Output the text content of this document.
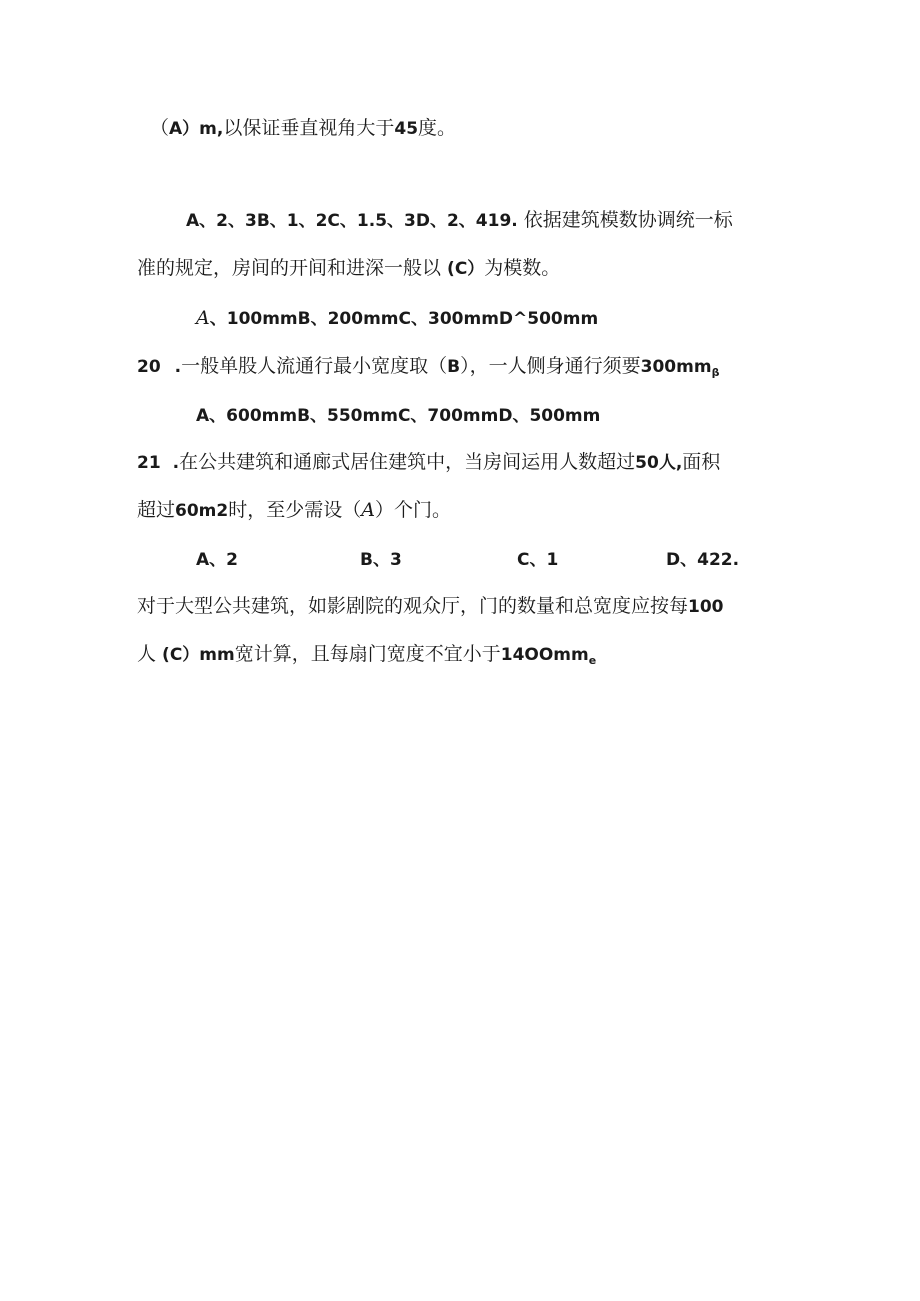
（A）m,以保证垂直视角大于45度。
A、2、3B、1、2C、1.5、3D、2、419. 依据建筑模数协调统一标
准的规定，房间的开间和进深一般以 (C）为模数。
A、100mmB、200mmC、300mmD^500mm
20 .一般单股人流通行最小宽度取（B），一人侧身通行须要$300mm_\beta$
A、600mmB、550mmC、700mmD、500mm
21 .在公共建筑和通廊式居住建筑中，当房间运用人数超过50人,面积
超过60m2时，至少需设（A）个门。
A、2	B、3	C、1	D、422.
对于大型公共建筑，如影剧院的观众厅，门的数量和总宽度应按每100
人 (C）mm宽计算，且每扇门宽度不宜小于14OOmm$_e$
